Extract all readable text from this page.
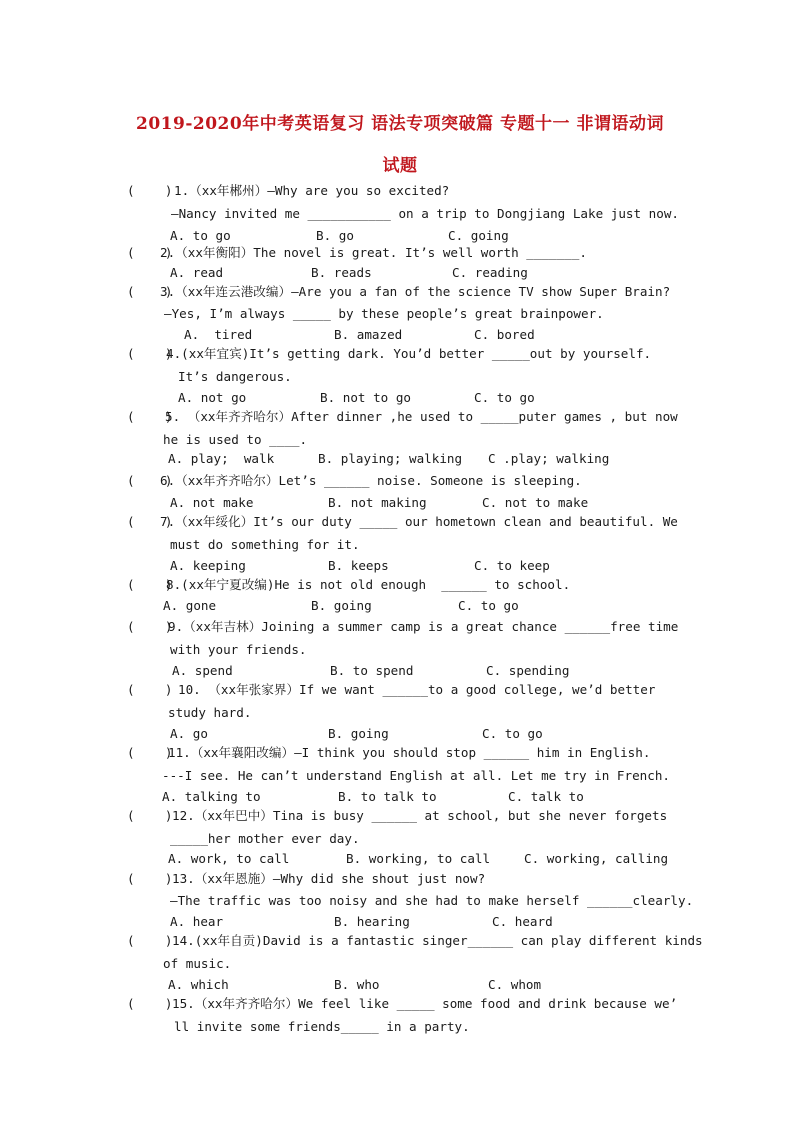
2019-2020年中考英语复习 语法专项突破篇 专题十一 非谓语动词
试题
(    ) 1.（xx年郴州）—Why are you so excited?
—Nancy invited me ___________ on a trip to Dongjiang Lake just now.
A. to go	B. go	C. going
(    )
2.（xx年衡阳）The novel is great. It’s well worth _______.
A. read	B. reads	C. reading
(    )
3.（xx年连云港改编）—Are you a fan of the science TV show Super Brain?
—Yes, I’m always _____ by these people’s great brainpower.
A.  tired	B. amazed	C. bored
(    )
4.(xx年宜宾)It’s getting dark. You’d better _____out by yourself.
It’s dangerous.
A. not go	B. not to go	C. to go
(    )
5. （xx年齐齐哈尔）After dinner ,he used to _____puter games , but now
he is used to ____.
A. play;  walk	B. playing; walking C .play; walking
(    )
6.（xx年齐齐哈尔）Let’s ______ noise. Someone is sleeping.
A. not make	B. not making	C. not to make
(    )
7.（xx年绥化）It’s our duty _____ our hometown clean and beautiful. We
must do something for it.
A. keeping	B. keeps	C. to keep
(    )
8.(xx年宁夏改编)He is not old enough  ______ to school.
A. gone	B. going	C. to go
(    )
9.（xx年吉林）Joining a summer camp is a great chance ______free time
with your friends.
A. spend	B. to spend	C. spending
(    ) 10. （xx年张家界）If we want ______to a good college, we’d better
study hard.
A. go	B. going	C. to go
(    )
11.（xx年襄阳改编）—I think you should stop ______ him in English.
---I see. He can’t understand English at all. Let me try in French.
A. talking to	B. to talk to	C. talk to
(    ) 12.（xx年巴中）Tina is busy ______ at school, but she never forgets
_____her mother ever day.
A. work, to call	B. working, to call	C. working, calling
(    ) 13.（xx年恩施）—Why did she shout just now?
—The traffic was too noisy and she had to make herself ______clearly.
A. hear	B. hearing	C. heard
(    ) 14.(xx年自贡)David is a fantastic singer______ can play different kinds
of music.
A. which	B. who	C. whom
(    ) 15.（xx年齐齐哈尔）We feel like _____ some food and drink because we’
ll invite some friends_____ in a party.
